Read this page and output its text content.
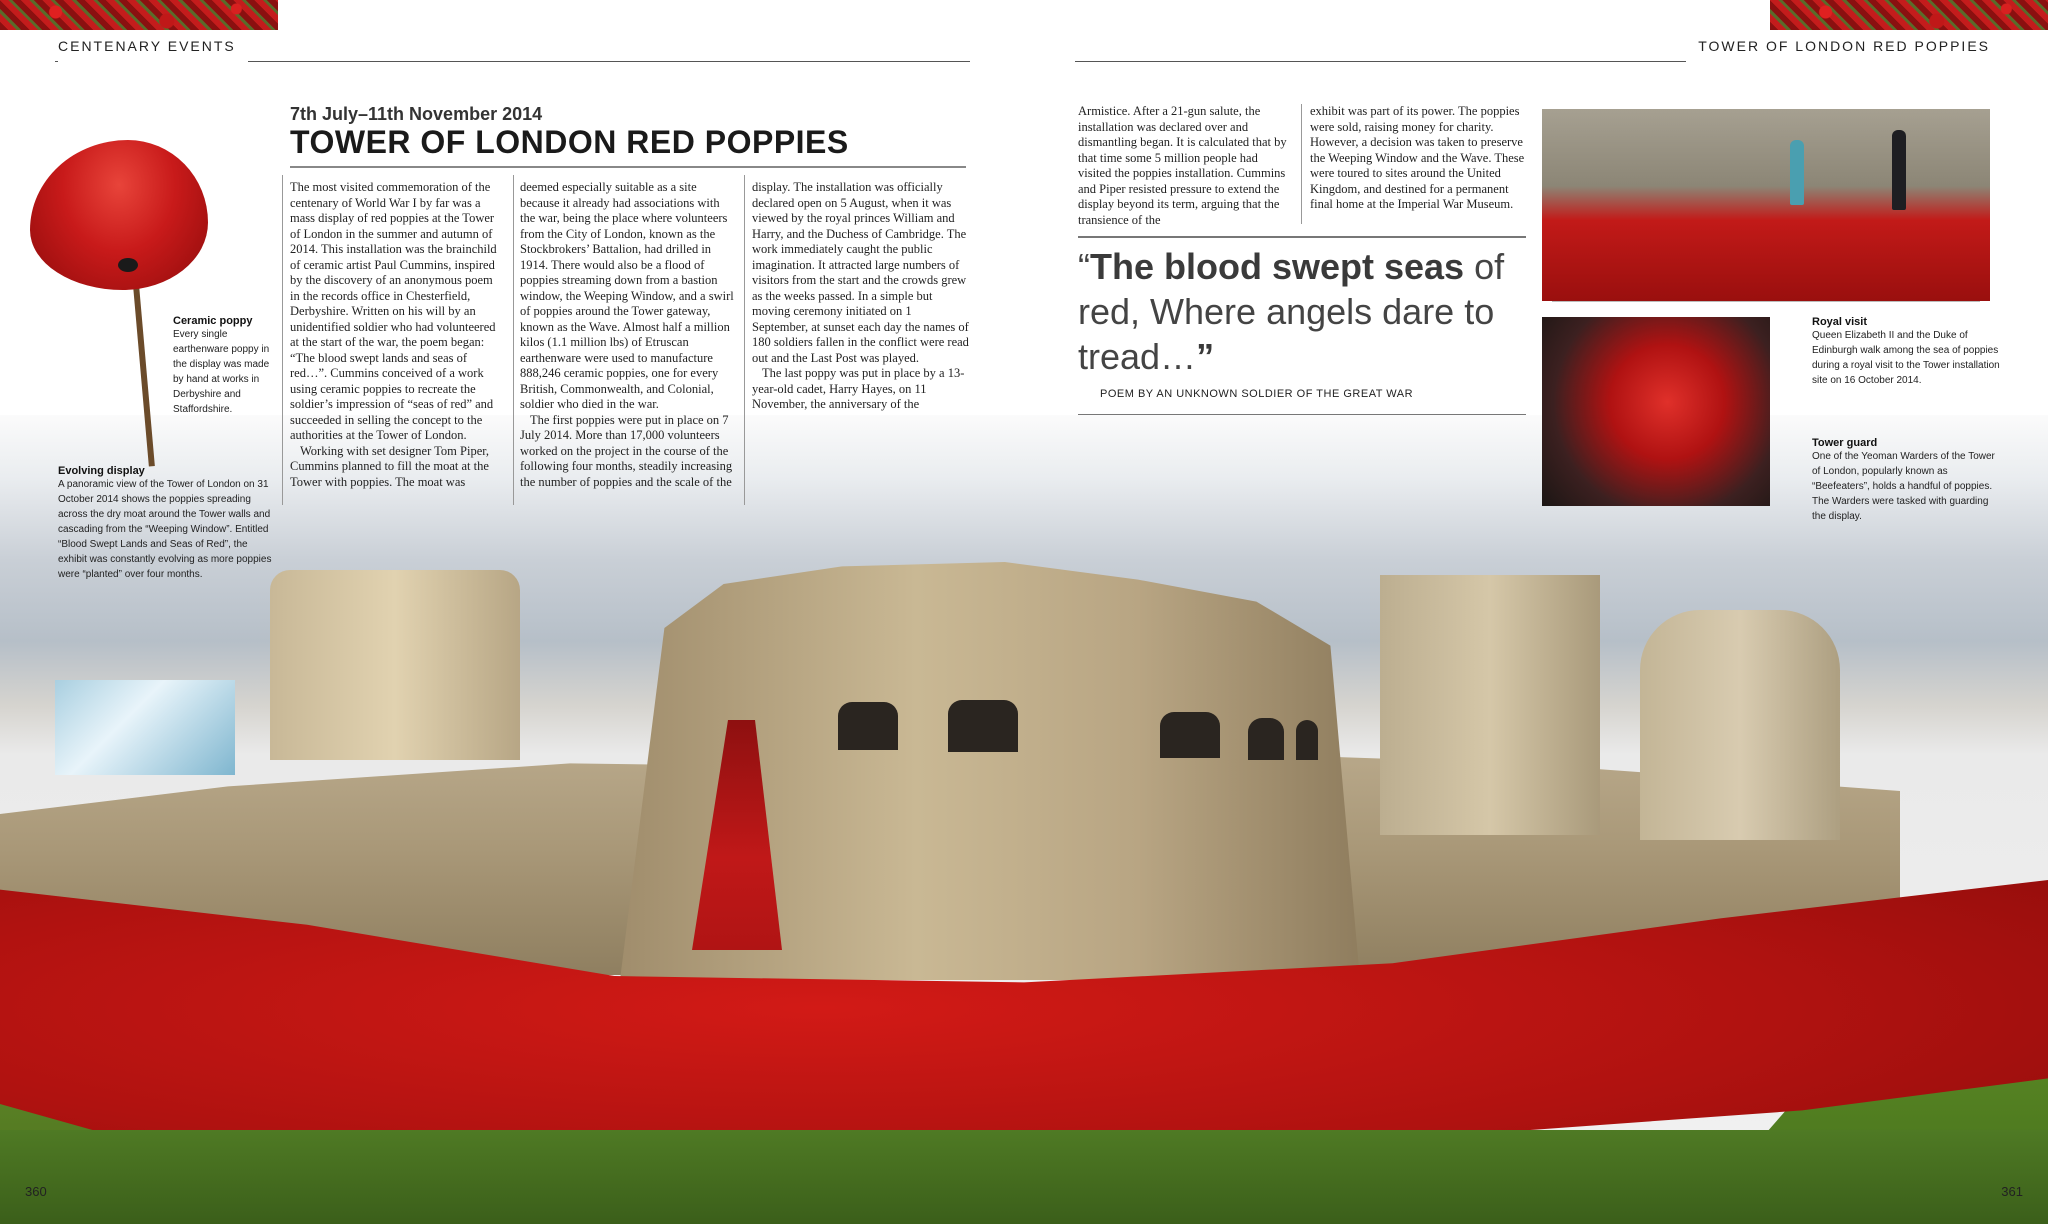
CENTENARY EVENTS	TOWER OF LONDON RED POPPIES
Ceramic poppy
Every single earthenware poppy in the display was made by hand at works in Derbyshire and Staffordshire.
Evolving display
A panoramic view of the Tower of London on 31 October 2014 shows the poppies spreading across the dry moat around the Tower walls and cascading from the “Weeping Window”. Entitled “Blood Swept Lands and Seas of Red”, the exhibit was constantly evolving as more poppies were “planted” over four months.
7th July–11th November 2014
TOWER OF LONDON RED POPPIES
The most visited commemoration of the centenary of World War I by far was a mass display of red poppies at the Tower of London in the summer and autumn of 2014. This installation was the brainchild of ceramic artist Paul Cummins, inspired by the discovery of an anonymous poem in the records office in Chesterfield, Derbyshire. Written on his will by an unidentified soldier who had volunteered at the start of the war, the poem began: “The blood swept lands and seas of red…”. Cummins conceived of a work using ceramic poppies to recreate the soldier’s impression of “seas of red” and succeeded in selling the concept to the authorities at the Tower of London.
Working with set designer Tom Piper, Cummins planned to fill the moat at the Tower with poppies. The moat was
deemed especially suitable as a site because it already had associations with the war, being the place where volunteers from the City of London, known as the Stockbrokers’ Battalion, had drilled in 1914. There would also be a flood of poppies streaming down from a bastion window, the Weeping Window, and a swirl of poppies around the Tower gateway, known as the Wave. Almost half a million kilos (1.1 million lbs) of Etruscan earthenware were used to manufacture 888,246 ceramic poppies, one for every British, Commonwealth, and Colonial, soldier who died in the war.
The first poppies were put in place on 7 July 2014. More than 17,000 volunteers worked on the project in the course of the following four months, steadily increasing the number of poppies and the scale of the
display. The installation was officially declared open on 5 August, when it was viewed by the royal princes William and Harry, and the Duchess of Cambridge. The work immediately caught the public imagination. It attracted large numbers of visitors from the start and the crowds grew as the weeks passed. In a simple but moving ceremony initiated on 1 September, at sunset each day the names of 180 soldiers fallen in the conflict were read out and the Last Post was played.
The last poppy was put in place by a 13-year-old cadet, Harry Hayes, on 11 November, the anniversary of the
Armistice. After a 21-gun salute, the installation was declared over and dismantling began. It is calculated that by that time some 5 million people had visited the poppies installation. Cummins and Piper resisted pressure to extend the display beyond its term, arguing that the transience of the
exhibit was part of its power. The poppies were sold, raising money for charity. However, a decision was taken to preserve the Weeping Window and the Wave. These were toured to sites around the United Kingdom, and destined for a permanent final home at the Imperial War Museum.
“The blood swept seas of red, Where angels dare to tread…”
POEM BY AN UNKNOWN SOLDIER OF THE GREAT WAR
Royal visit
Queen Elizabeth II and the Duke of Edinburgh walk among the sea of poppies during a royal visit to the Tower installation site on 16 October 2014.
Tower guard
One of the Yeoman Warders of the Tower of London, popularly known as “Beefeaters”, holds a handful of poppies. The Warders were tasked with guarding the display.
360	361
